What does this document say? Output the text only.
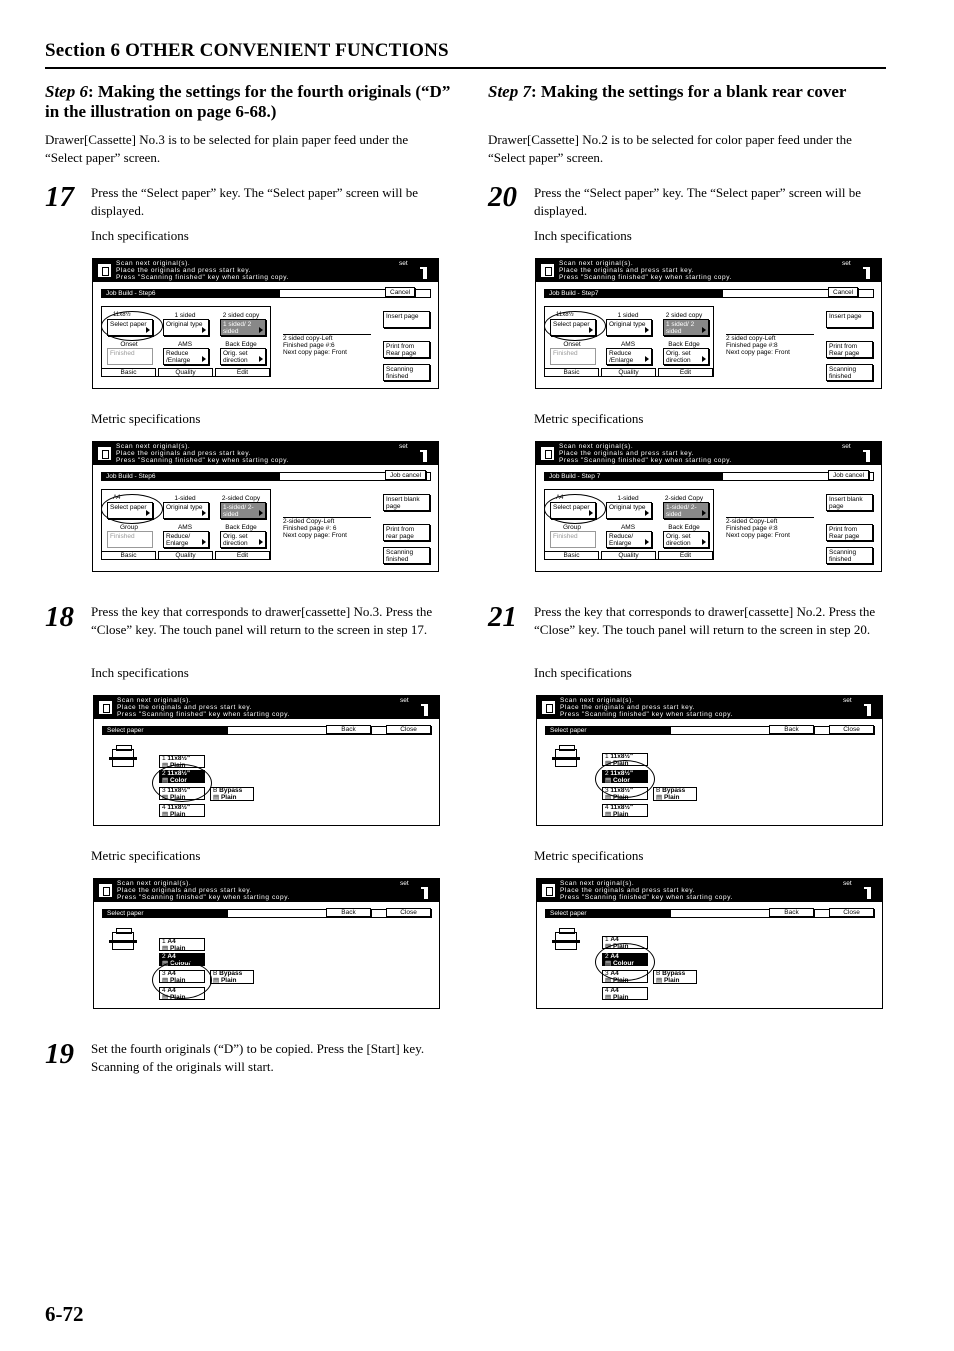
Section 6 OTHER CONVENIENT FUNCTIONS
Step 6: Making the settings for the fourth originals (“D” in the illustration on page 6-68.)
Drawer[Cassette] No.3 is to be selected for plain paper feed under the “Select paper” screen.
17 Press the “Select paper” key. The “Select paper” screen will be displayed.
Inch specifications
Scan next original(s).
Place the originals and press start key.
Press "Scanning finished" key when starting copy.
set
Job Build - Step6	Cancel
11x8½	1 sided	2 sided copy
Select paper	Original type	1 sided/ 2 sided
Onset	AMS	Back Edge
Finished	Reduce /Enlarge
Orig. set direction
Basic	Quality	Edit
2 sided copy-Left
Finished page #:6
Next copy page: Front
Insert page
Print from Rear page
Scanning finished
Metric specifications
Scan next original(s).
Place the originals and press start key.
Press "Scanning finished" key when starting copy.
set
Job Build - Step6	Job cancel
A4	1-sided	2-sided Copy
Select paper	Original type	1-sided/ 2-sided
Group	AMS	Back Edge
Finished	Reduce/ Enlarge
Orig. set direction
Basic	Quality	Edit
2-sided Copy-Left
Finished page #: 6
Next copy page: Front
Insert blank page
Print from rear page
Scanning finished
18 Press the key that corresponds to drawer[cassette] No.3. Press the “Close” key. The touch panel will return to the screen in step 17.
Inch specifications
Scan next original(s).
Place the originals and press start key.
Press "Scanning finished" key when starting copy.
set
Select paper	Back	Close
1 11x8½"
▤ Plain
2 11x8½"
▤ Color
3 11x8½"
▤ Plain
4 11x8½"
▤ Plain
B Bypass
▤ Plain
Metric specifications
Scan next original(s).
Place the originals and press start key.
Press "Scanning finished" key when starting copy.
set
Select paper	Back	Close
1 A4
▤ Plain
2 A4
▤ Colour
3 A4
▤ Plain
4 A4
▤ Plain
B Bypass
▤ Plain
19 Set the fourth originals (“D”) to be copied. Press the [Start] key. Scanning of the originals will start.
Step 7: Making the settings for a blank rear cover
Drawer[Cassette] No.2 is to be selected for color paper feed under the “Select paper” screen.
20 Press the “Select paper” key. The “Select paper” screen will be displayed.
Inch specifications
Scan next original(s).
Place the originals and press start key.
Press "Scanning finished" key when starting copy.
set
Job Build - Step7	Cancel
11x8½	1 sided	2 sided copy
Select paper	Original type	1 sided/ 2 sided
Onset	AMS	Back Edge
Finished	Reduce /Enlarge
Orig. set direction
Basic	Quality	Edit
2 sided copy-Left
Finished page #:8
Next copy page: Front
Insert page
Print from Rear page
Scanning finished
Metric specifications
Scan next original(s).
Place the originals and press start key.
Press "Scanning finished" key when starting copy.
set
Job Build - Step 7	Job cancel
A4	1-sided	2-sided Copy
Select paper	Original type	1-sided/ 2-sided
Group	AMS	Back Edge
Finished	Reduce/ Enlarge
Orig. set direction
Basic	Quality	Edit
2-sided Copy-Left
Finished page #:8
Next copy page: Front
Insert blank page
Print from Rear page
Scanning finished
21 Press the key that corresponds to drawer[cassette] No.2. Press the “Close” key. The touch panel will return to the screen in step 20.
Inch specifications
Scan next original(s).
Place the originals and press start key.
Press "Scanning finished" key when starting copy.
set
Select paper	Back	Close
1 11x8½"
▤ Plain
2 11x8½"
▤ Color
3 11x8½"
▤ Plain
4 11x8½"
▤ Plain
B Bypass
▤ Plain
Metric specifications
Scan next original(s).
Place the originals and press start key.
Press "Scanning finished" key when starting copy.
set
Select paper	Back	Close
1 A4
▤ Plain
2 A4
▤ Colour
3 A4
▤ Plain
4 A4
▤ Plain
B Bypass
▤ Plain
6-72
